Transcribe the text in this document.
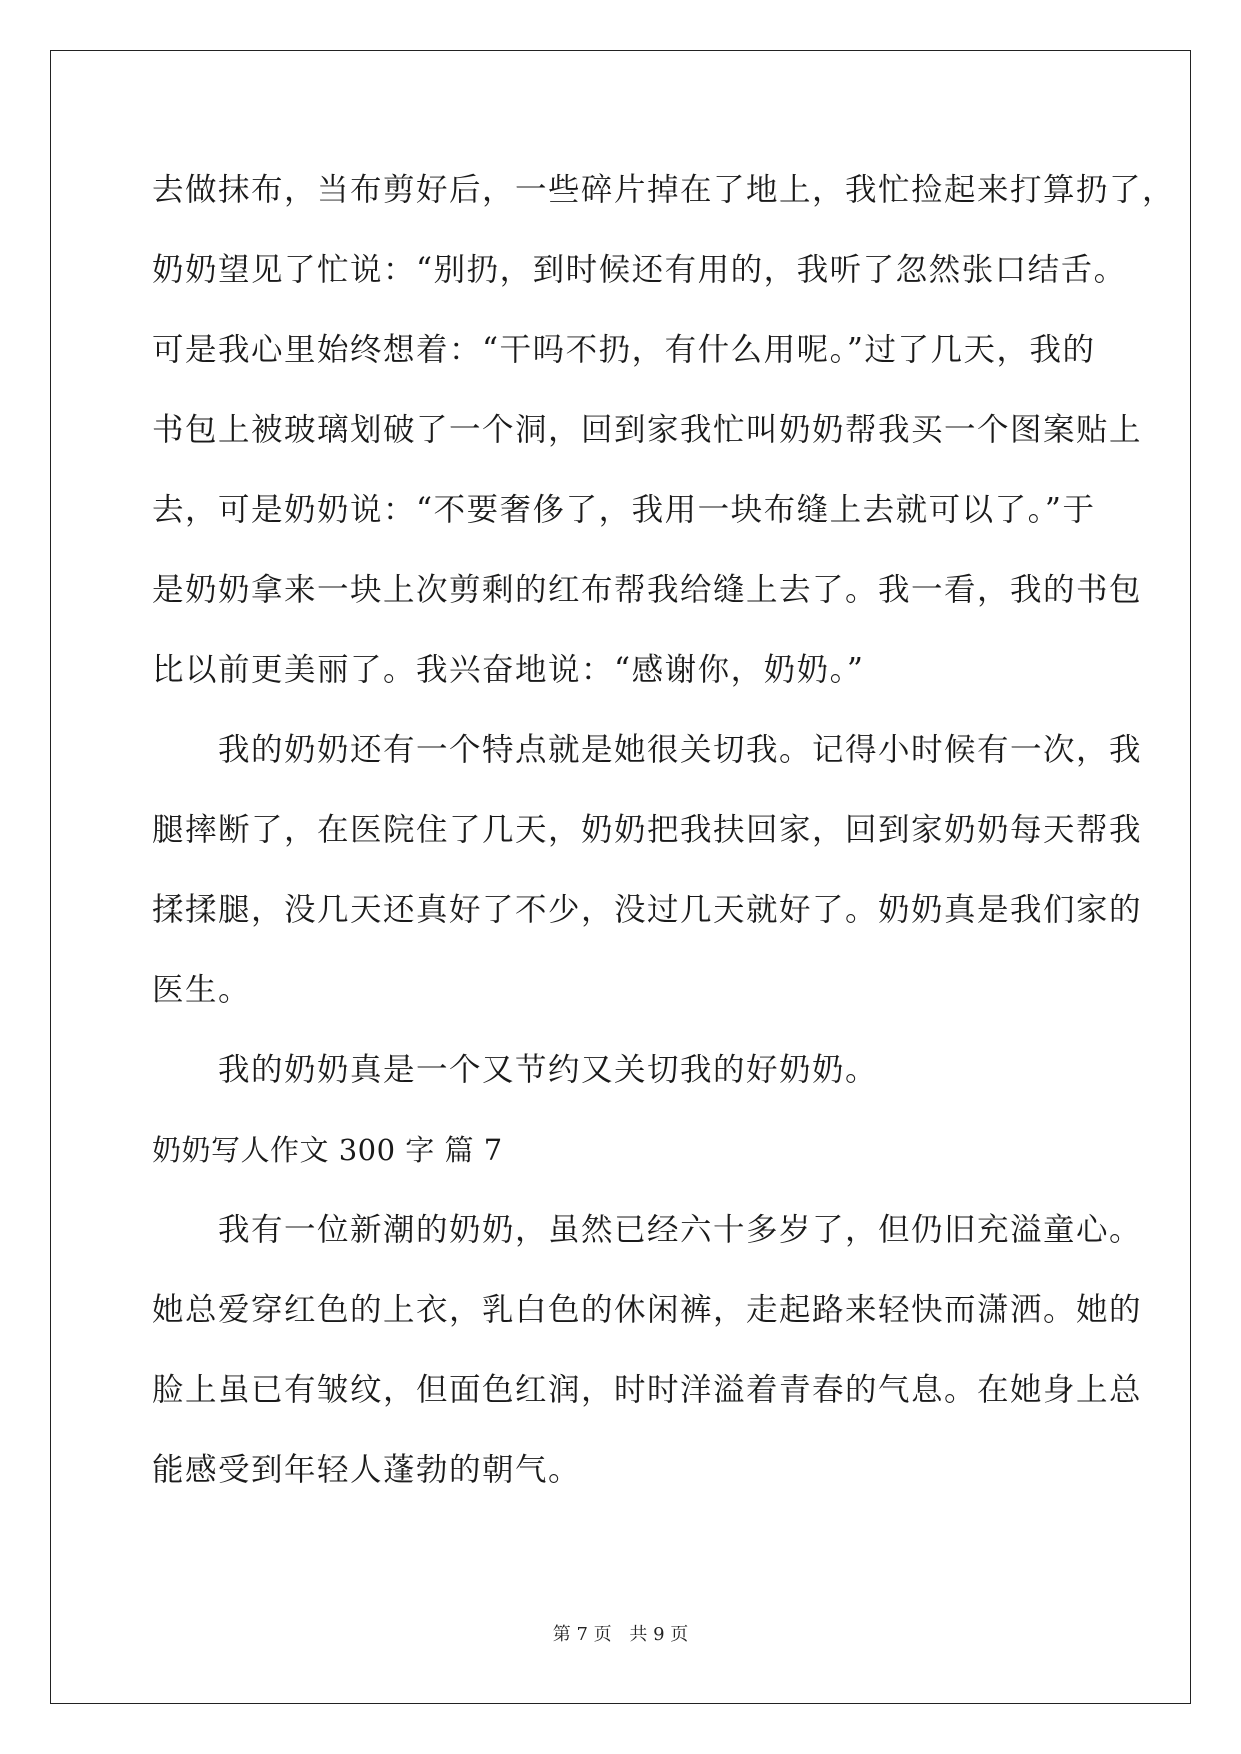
去做抹布，当布剪好后，一些碎片掉在了地上，我忙捡起来打算扔了，
奶奶望见了忙说：“别扔，到时候还有用的，我听了忽然张口结舌。
可是我心里始终想着：“干吗不扔，有什么用呢。”过了几天，我的
书包上被玻璃划破了一个洞，回到家我忙叫奶奶帮我买一个图案贴上
去，可是奶奶说：“不要奢侈了，我用一块布缝上去就可以了。”于
是奶奶拿来一块上次剪剩的红布帮我给缝上去了。我一看，我的书包
比以前更美丽了。我兴奋地说：“感谢你，奶奶。”
　　我的奶奶还有一个特点就是她很关切我。记得小时候有一次，我
腿摔断了，在医院住了几天，奶奶把我扶回家，回到家奶奶每天帮我
揉揉腿，没几天还真好了不少，没过几天就好了。奶奶真是我们家的
医生。
　　我的奶奶真是一个又节约又关切我的好奶奶。
奶奶写人作文 300 字 篇 7
　　我有一位新潮的奶奶，虽然已经六十多岁了，但仍旧充溢童心。
她总爱穿红色的上衣，乳白色的休闲裤，走起路来轻快而潇洒。她的
脸上虽已有皱纹，但面色红润，时时洋溢着青春的气息。在她身上总
能感受到年轻人蓬勃的朝气。
第 7 页 共 9 页
